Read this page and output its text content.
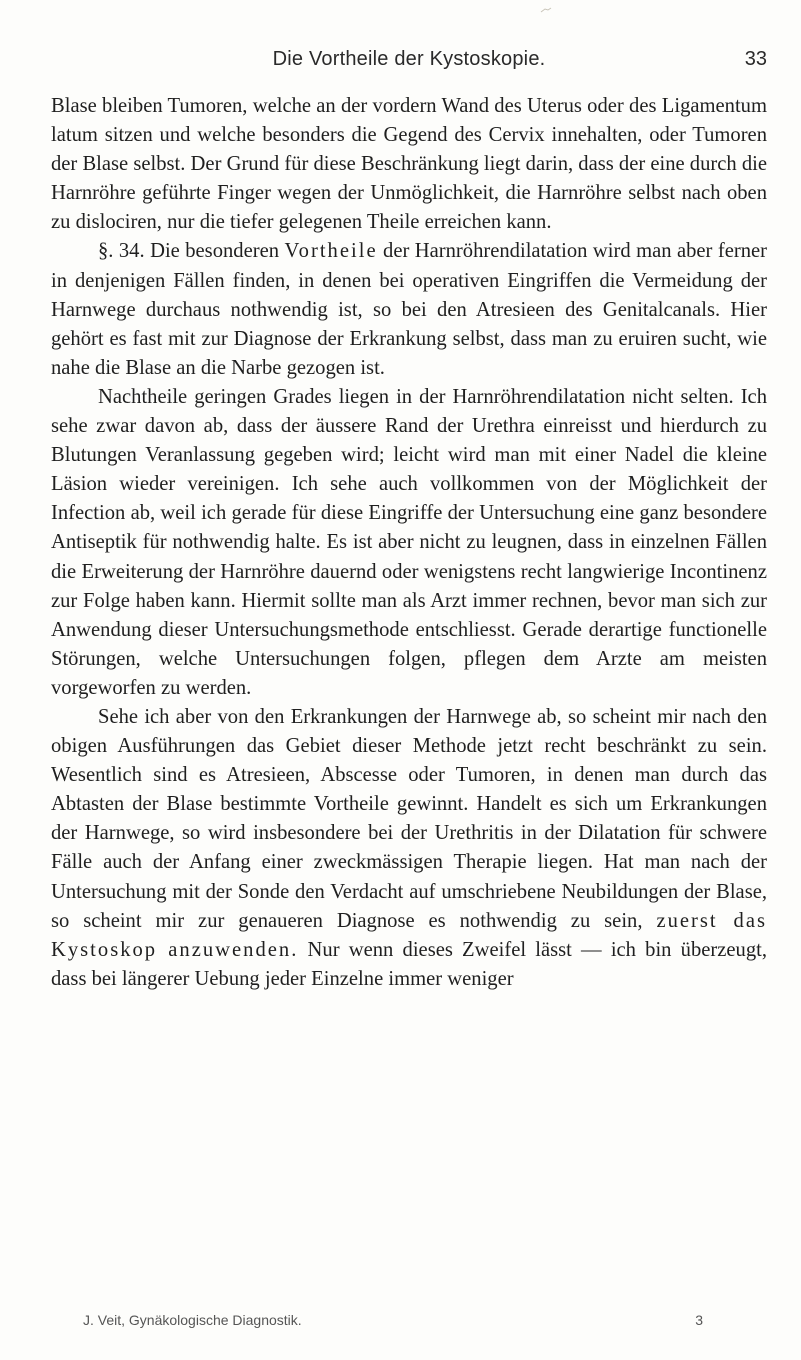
Die Vortheile der Kystoskopie.	33

Blase bleiben Tumoren, welche an der vordern Wand des Uterus oder des Ligamentum latum sitzen und welche besonders die Gegend des Cervix innehalten, oder Tumoren der Blase selbst. Der Grund für diese Beschränkung liegt darin, dass der eine durch die Harnröhre geführte Finger wegen der Unmöglichkeit, die Harnröhre selbst nach oben zu dislociren, nur die tiefer gelegenen Theile erreichen kann.

§. 34. Die besonderen Vortheile der Harnröhrendilatation wird man aber ferner in denjenigen Fällen finden, in denen bei operativen Eingriffen die Vermeidung der Harnwege durchaus nothwendig ist, so bei den Atresieen des Genitalcanals. Hier gehört es fast mit zur Diagnose der Erkrankung selbst, dass man zu eruiren sucht, wie nahe die Blase an die Narbe gezogen ist.

Nachtheile geringen Grades liegen in der Harnröhrendilatation nicht selten. Ich sehe zwar davon ab, dass der äussere Rand der Urethra einreisst und hierdurch zu Blutungen Veranlassung gegeben wird; leicht wird man mit einer Nadel die kleine Läsion wieder vereinigen. Ich sehe auch vollkommen von der Möglichkeit der Infection ab, weil ich gerade für diese Eingriffe der Untersuchung eine ganz besondere Antiseptik für nothwendig halte. Es ist aber nicht zu leugnen, dass in einzelnen Fällen die Erweiterung der Harnröhre dauernd oder wenigstens recht langwierige Incontinenz zur Folge haben kann. Hiermit sollte man als Arzt immer rechnen, bevor man sich zur Anwendung dieser Untersuchungsmethode entschliesst. Gerade derartige functionelle Störungen, welche Untersuchungen folgen, pflegen dem Arzte am meisten vorgeworfen zu werden.

Sehe ich aber von den Erkrankungen der Harnwege ab, so scheint mir nach den obigen Ausführungen das Gebiet dieser Methode jetzt recht beschränkt zu sein. Wesentlich sind es Atresieen, Abscesse oder Tumoren, in denen man durch das Abtasten der Blase bestimmte Vortheile gewinnt. Handelt es sich um Erkrankungen der Harnwege, so wird insbesondere bei der Urethritis in der Dilatation für schwere Fälle auch der Anfang einer zweckmässigen Therapie liegen. Hat man nach der Untersuchung mit der Sonde den Verdacht auf umschriebene Neubildungen der Blase, so scheint mir zur genaueren Diagnose es nothwendig zu sein, zuerst das Kystoskop anzuwenden. Nur wenn dieses Zweifel lässt — ich bin überzeugt, dass bei längerer Uebung jeder Einzelne immer weniger

J. Veit, Gynäkologische Diagnostik.	3
